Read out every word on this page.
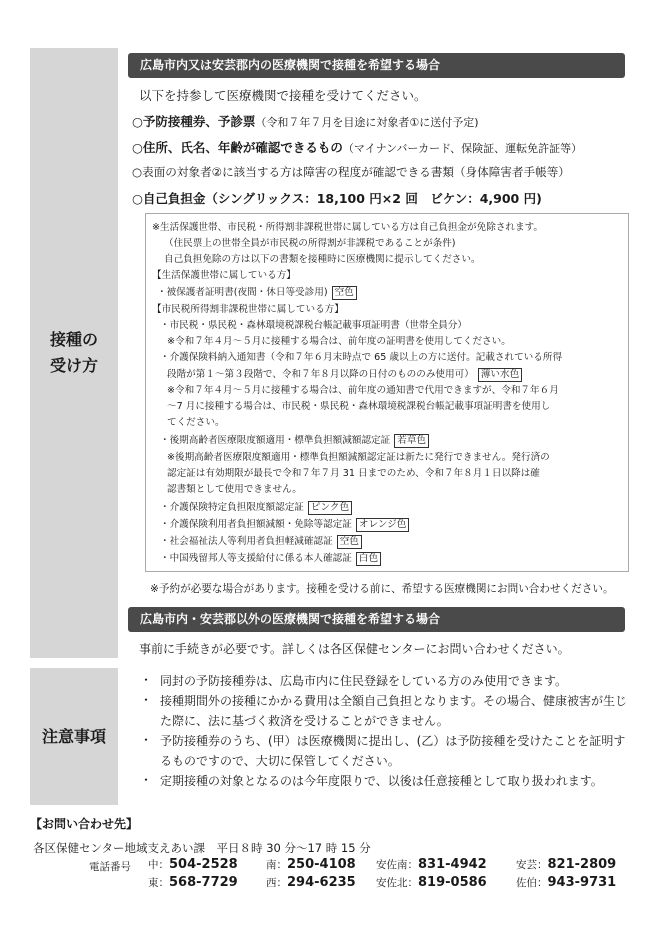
接種の
受け方
注意事項
広島市内又は安芸郡内の医療機関で接種を希望する場合
以下を持参して医療機関で接種を受けてください。
○予防接種券、予診票（令和７年７月を目途に対象者①に送付予定)
○住所、氏名、年齢が確認できるもの（マイナンバーカード、保険証、運転免許証等）
○表面の対象者②に該当する方は障害の程度が確認できる書類（身体障害者手帳等）
○自己負担金（シングリックス：18,100 円×2 回　ビケン：4,900 円)
※生活保護世帯、市民税・所得割非課税世帯に属している方は自己負担金が免除されます。
（住民票上の世帯全員が市民税の所得割が非課税であることが条件)
自己負担免除の方は以下の書類を接種時に医療機関に提示してください。
【生活保護世帯に属している方】
・被保護者証明書(夜間・休日等受診用) 空色
【市民税所得割非課税世帯に属している方】
・市民税・県民税・森林環境税課税台帳記載事項証明書（世帯全員分）
※令和７年４月～５月に接種する場合は、前年度の証明書を使用してください。
・介護保険料納入通知書（令和７年６月末時点で 65 歳以上の方に送付。記載されている所得
段階が第１～第３段階で、令和７年８月以降の日付のもののみ使用可） 薄い水色
※令和７年４月～５月に接種する場合は、前年度の通知書で代用できますが、令和７年６月
～7 月に接種する場合は、市民税・県民税・森林環境税課税台帳記載事項証明書を使用し
てください。
・後期高齢者医療限度額適用・標準負担額減額認定証 若草色
※後期高齢者医療限度額適用・標準負担額減額認定証は新たに発行できません。発行済の
認定証は有効期限が最長で令和７年７月 31 日までのため、令和７年８月１日以降は確
認書類として使用できません。
・介護保険特定負担限度額認定証 ピンク色
・介護保険利用者負担額減額・免除等認定証 オレンジ色
・社会福祉法人等利用者負担軽減確認証 空色
・中国残留邦人等支援給付に係る本人確認証 白色
※予約が必要な場合があります。接種を受ける前に、希望する医療機関にお問い合わせください。
広島市内・安芸郡以外の医療機関で接種を希望する場合
事前に手続きが必要です。詳しくは各区保健センターにお問い合わせください。
・ 同封の予防接種券は、広島市内に住民登録をしている方のみ使用できます。
・ 接種期間外の接種にかかる費用は全額自己負担となります。その場合、健康被害が生じた際に、法に基づく救済を受けることができません。
・ 予防接種券のうち、(甲）は医療機関に提出し、(乙）は予防接種を受けたことを証明するものですので、大切に保管してください。
・ 定期接種の対象となるのは今年度限りで、以後は任意接種として取り扱われます。
【お問い合わせ先】
各区保健センター地域支えあい課　平日８時 30 分～17 時 15 分
電話番号 中：504-2528	南：250-4108 安佐南：831-4942	安芸：821-2809
東：568-7729	西：294-6235 安佐北：819-0586	佐伯：943-9731
